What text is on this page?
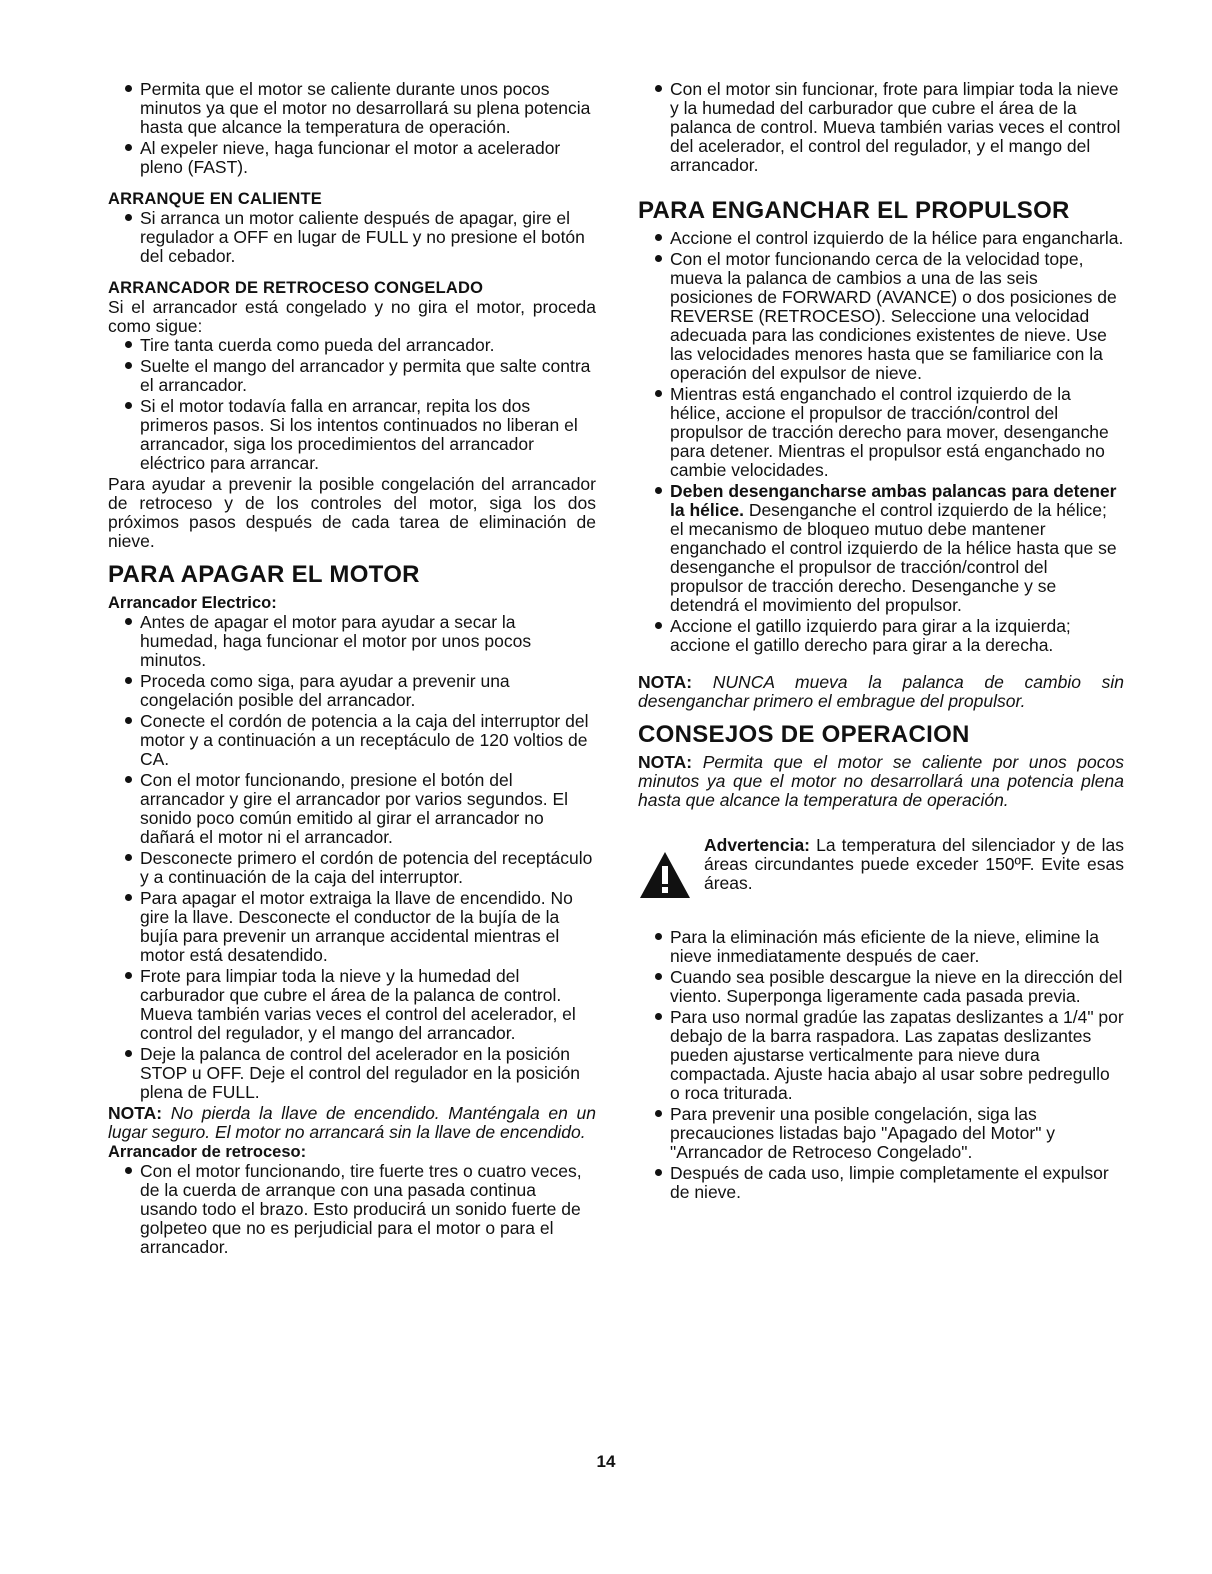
Permita que el motor se caliente durante unos pocos minutos ya que el motor no desarrollará su plena potencia hasta que alcance la temperatura de operación.
Al expeler nieve, haga funcionar el motor a acelerador pleno (FAST).
ARRANQUE EN CALIENTE
Si arranca un motor caliente después de apagar, gire el regulador a OFF en lugar de FULL y no presione el botón del cebador.
ARRANCADOR DE RETROCESO CONGELADO

Si el arrancador está congelado y no gira el motor, proceda como sigue:

Tire tanta cuerda como pueda del arrancador.
Suelte el mango del arrancador y permita que salte contra el arrancador.
Si el motor todavía falla en arrancar, repita los dos primeros pasos. Si los intentos continuados no liberan el arrancador, siga los procedimientos del arrancador eléctrico para arrancar.

Para ayudar a prevenir la posible congelación del arrancador de retroceso y de los controles del motor, siga los dos próximos pasos después de cada tarea de eliminación de nieve.

PARA APAGAR EL MOTOR
Arrancador Electrico:
Antes de apagar el motor para ayudar a secar la humedad, haga funcionar el motor por unos pocos minutos.
Proceda como siga, para ayudar a prevenir una congelación posible del arrancador.
Conecte el cordón de potencia a la caja del interruptor del motor y a continuación a un receptáculo de 120 voltios de CA.
Con el motor funcionando, presione el botón del arrancador y gire el arrancador por varios segundos. El sonido poco común emitido al girar el arrancador no dañará el motor ni el arrancador.
Desconecte primero el cordón de potencia del receptáculo y a continuación de la caja del interruptor.
Para apagar el motor extraiga la llave de encendido. No gire la llave. Desconecte el conductor de la bujía de la bujía para prevenir un arranque accidental mientras el motor está desatendido.
Frote para limpiar toda la nieve y la humedad del carburador que cubre el área de la palanca de control. Mueva también varias veces el control del acelerador, el control del regulador, y el mango del arrancador.
Deje la palanca de control del acelerador en la posición STOP u OFF. Deje el control del regulador en la posición plena de FULL.

NOTA: No pierda la llave de encendido. Manténgala en un lugar seguro. El motor no arrancará sin la llave de encendido.

Arrancador de retroceso:
Con el motor funcionando, tire fuerte tres o cuatro veces, de la cuerda de arranque con una pasada continua usando todo el brazo. Esto producirá un sonido fuerte de golpeteo que no es perjudicial para el motor o para el arrancador.
Con el motor sin funcionar, frote para limpiar toda la nieve y la humedad del carburador que cubre el área de la palanca de control. Mueva también varias veces el control del acelerador, el control del regulador, y el mango del arrancador.
PARA ENGANCHAR EL PROPULSOR
Accione el control izquierdo de la hélice para engancharla.
Con el motor funcionando cerca de la velocidad tope, mueva la palanca de cambios a una de las seis posiciones de FORWARD (AVANCE) o dos posiciones de REVERSE (RETROCESO). Seleccione una velocidad adecuada para las condiciones existentes de nieve. Use las velocidades menores hasta que se familiarice con la operación del expulsor de nieve.
Mientras está enganchado el control izquierdo de la hélice, accione el propulsor de tracción/control del propulsor de tracción derecho para mover, desenganche para detener. Mientras el propulsor está enganchado no cambie velocidades.
Deben desengancharse ambas palancas para detener la hélice. Desenganche el control izquierdo de la hélice; el mecanismo de bloqueo mutuo debe mantener enganchado el control izquierdo de la hélice hasta que se desenganche el propulsor de tracción/control del propulsor de tracción derecho. Desenganche y se detendrá el movimiento del propulsor.
Accione el gatillo izquierdo para girar a la izquierda; accione el gatillo derecho para girar a la derecha.

NOTA: NUNCA mueva la palanca de cambio sin desenganchar primero el embrague del propulsor.

CONSEJOS DE OPERACION

NOTA: Permita que el motor se caliente por unos pocos minutos ya que el motor no desarrollará una potencia plena hasta que alcance la temperatura de operación.

Advertencia: La temperatura del silenciador y de las áreas circundantes puede exceder 150ºF. Evite esas áreas.

Para la eliminación más eficiente de la nieve, elimine la nieve inmediatamente después de caer.
Cuando sea posible descargue la nieve en la dirección del viento. Superponga ligeramente cada pasada previa.
Para uso normal gradúe las zapatas deslizantes a 1/4" por debajo de la barra raspadora. Las zapatas deslizantes pueden ajustarse verticalmente para nieve dura compactada. Ajuste hacia abajo al usar sobre pedregullo o roca triturada.
Para prevenir una posible congelación, siga las precauciones listadas bajo "Apagado del Motor" y "Arrancador de Retroceso Congelado".
Después de cada uso, limpie completamente el expulsor de nieve.
14
